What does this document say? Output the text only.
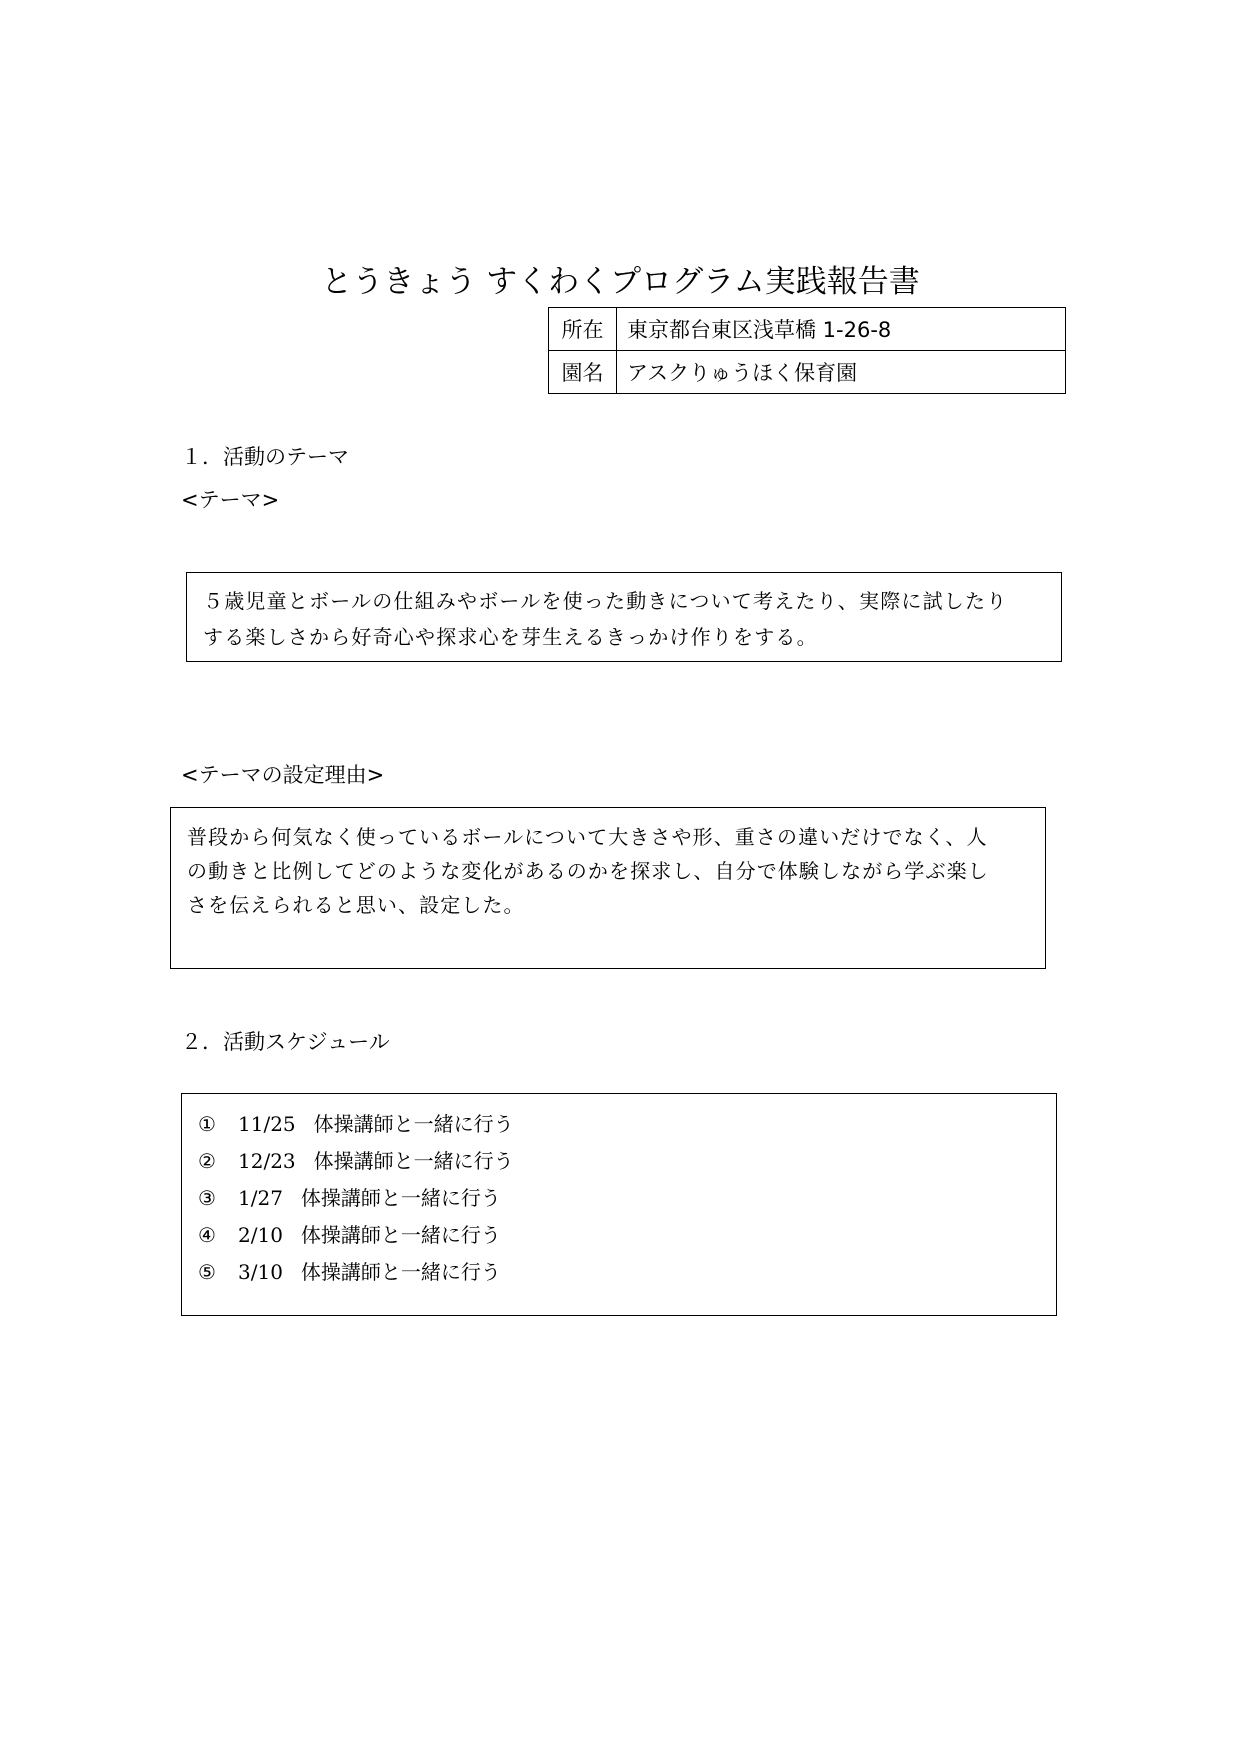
とうきょう すくわくプログラム実践報告書
所在	東京都台東区浅草橋 1-26-8
園名	アスクりゅうほく保育園
１．活動のテーマ
<テーマ>

５歳児童とボールの仕組みやボールを使った動きについて考えたり、実際に試したり

する楽しさから好奇心や探求心を芽生えるきっかけ作りをする。

<テーマの設定理由>

普段から何気なく使っているボールについて大きさや形、重さの違いだけでなく、人

の動きと比例してどのような変化があるのかを探求し、自分で体験しながら学ぶ楽し

さを伝えられると思い、設定した。

２．活動スケジュール
① 11/25 体操講師と一緒に行う
② 12/23 体操講師と一緒に行う
③ 1/27 体操講師と一緒に行う
④ 2/10 体操講師と一緒に行う
⑤ 3/10 体操講師と一緒に行う
